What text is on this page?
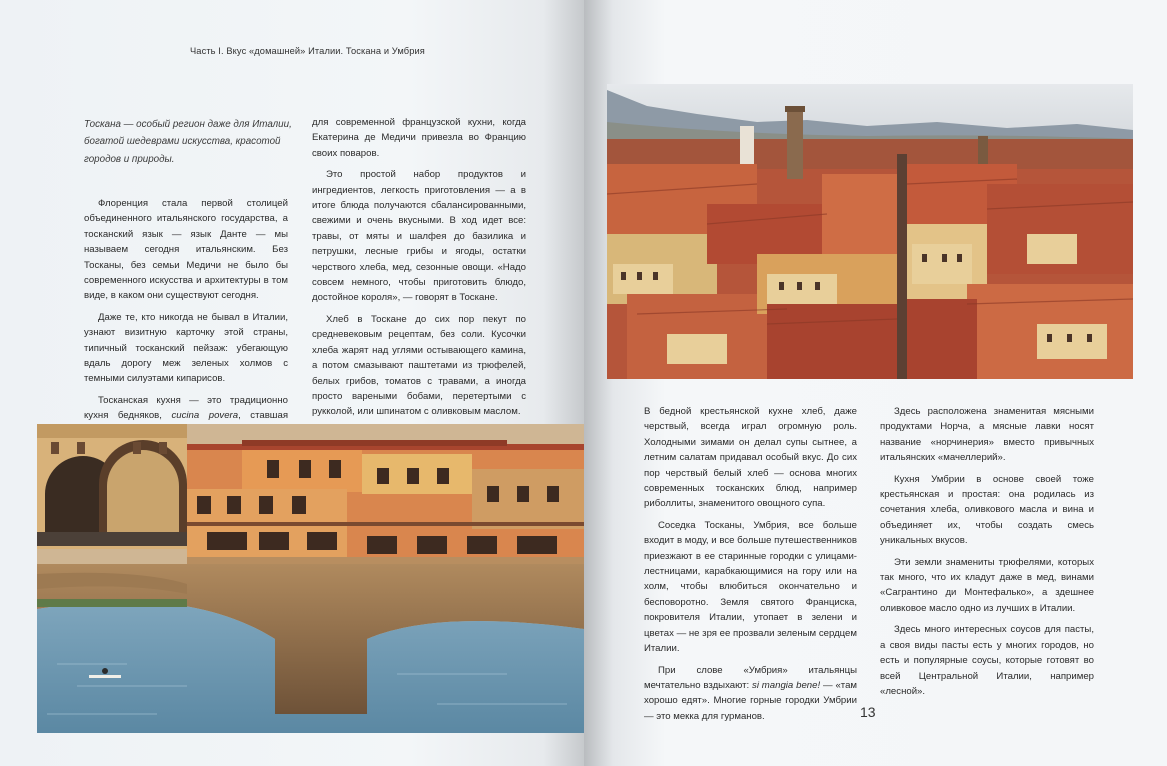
Часть I. Вкус «домашней» Италии. Тоскана и Умбрия
Тоскана — особый регион даже для Италии, богатой шедеврами искусства, красотой городов и природы.

Флоренция стала первой столицей объединенного итальянского государства, а тосканский язык — язык Данте — мы называем сегодня итальянским. Без Тосканы, без семьи Медичи не было бы современного искусства и архитектуры в том виде, в каком они существуют сегодня.

Даже те, кто никогда не бывал в Италии, узнают визитную карточку этой страны, типичный тосканский пейзаж: убегающую вдаль дорогу меж зеленых холмов с темными силуэтами кипарисов.

Тосканская кухня — это традиционно кухня бедняков, cucina povera, ставшая

для современной французской кухни, когда Екатерина де Медичи привезла во Францию своих поваров.

Это простой набор продуктов и ингредиентов, легкость приготовления — а в итоге блюда получаются сбалансированными, свежими и очень вкусными. В ход идет все: травы, от мяты и шалфея до базилика и петрушки, лесные грибы и ягоды, остатки черствого хлеба, мед, сезонные овощи. «Надо совсем немного, чтобы приготовить блюдо, достойное короля», — говорят в Тоскане.

Хлеб в Тоскане до сих пор пекут по средневековым рецептам, без соли. Кусочки хлеба жарят над углями остывающего камина, а потом смазывают паштетами из трюфелей, белых грибов, томатов с травами, а иногда просто вареными бобами, перетертыми с рукколой, или шпинатом с оливковым маслом.	В бедной крестьянской кухне хлеб, даже черствый, всегда играл огромную роль. Холодными зимами он делал супы сытнее, а летним салатам придавал особый вкус. До сих пор черствый белый хлеб — основа многих современных тосканских блюд, например риболлиты, знаменитого овощного супа.

Соседка Тосканы, Умбрия, все больше входит в моду, и все больше путешественников приезжают в ее старинные городки с улицами-лестницами, карабкающимися на гору или на холм, чтобы влюбиться окончательно и бесповоротно. Земля святого Франциска, покровителя Италии, утопает в зелени и цветах — не зря ее прозвали зеленым сердцем Италии.

При слове «Умбрия» итальянцы мечтательно вздыхают: si mangia bene! — «там хорошо едят». Многие горные городки Умбрии — это мекка для гурманов.

Здесь расположена знаменитая мясными продуктами Норча, а мясные лавки носят название «норчинерия» вместо привычных итальянских «мачеллерий».

Кухня Умбрии в основе своей тоже крестьянская и простая: она родилась из сочетания хлеба, оливкового масла и вина и объединяет их, чтобы создать смесь уникальных вкусов.

Эти земли знамениты трюфелями, которых так много, что их кладут даже в мед, винами «Сагрантино ди Монтефалько», а здешнее оливковое масло одно из лучших в Италии.

Здесь много интересных соусов для пасты, а своя виды пасты есть у многих городов, но есть и популярные соусы, которые готовят во всей Центральной Италии, например «лесной».

13
